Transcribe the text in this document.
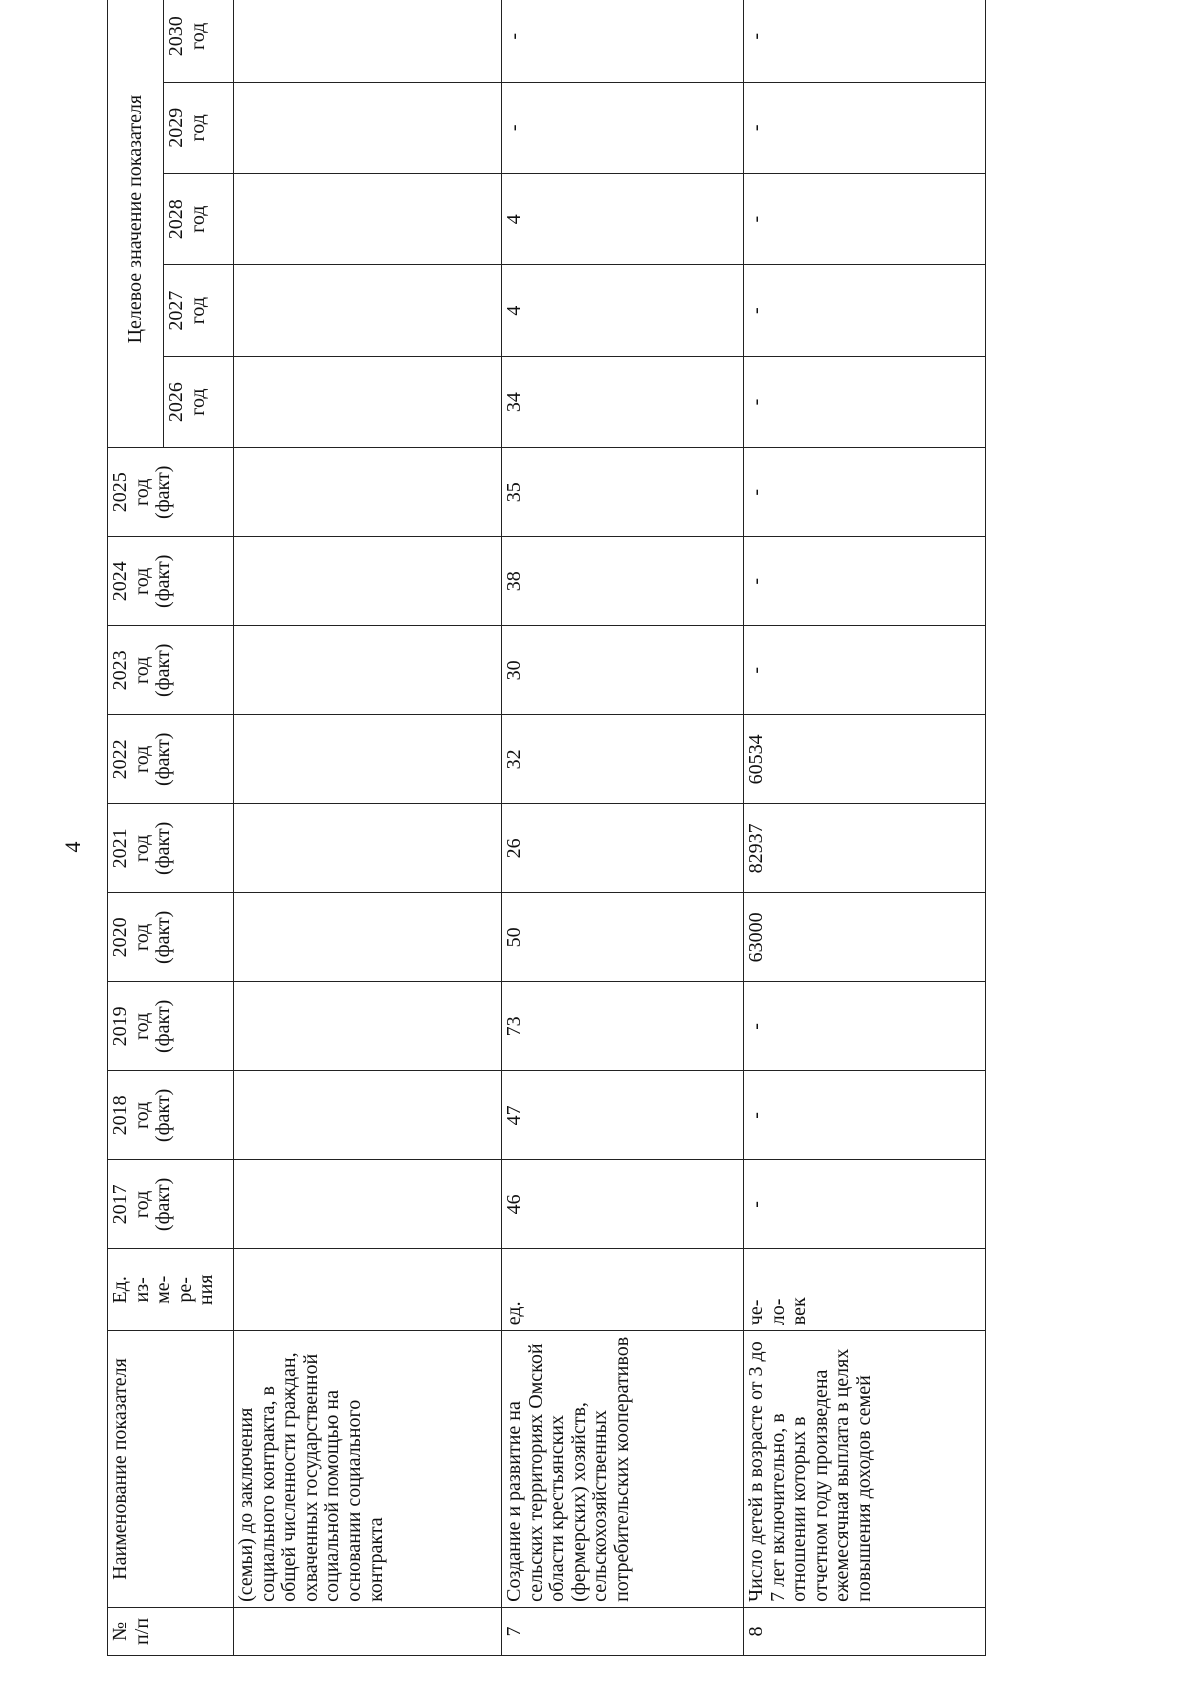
4
№ п/п	Наименование показателя	Ед. из- ме- ре- ния	2017 год (факт)	2018 год (факт)	2019 год (факт)	2020 год (факт)	2021 год (факт)	2022 год (факт)	2023 год (факт)	2024 год (факт)	2025 год (факт)	Целевое значение показателя				

												2026 год	2027 год	2028 год	2029 год	2030 год

	(семьи) до заключения социального контракта, в общей численности граждан, охваченных государственной социальной помощью на основании социального контракта															
7	Создание и развитие на сельских территориях Омской области крестьянских (фермерских) хозяйств, сельскохозяйственных потребительских кооперативов	ед.	46	47	73	50	26	32	30	38	35	34	4	4	-	-
8	Число детей в возрасте от 3 до 7 лет включительно, в отношении которых в отчетном году произведена ежемесячная выплата в целях повышения доходов семей	че- ло- век	-	-	-	63000	82937	60534	-	-	-	-	-	-	-	-
